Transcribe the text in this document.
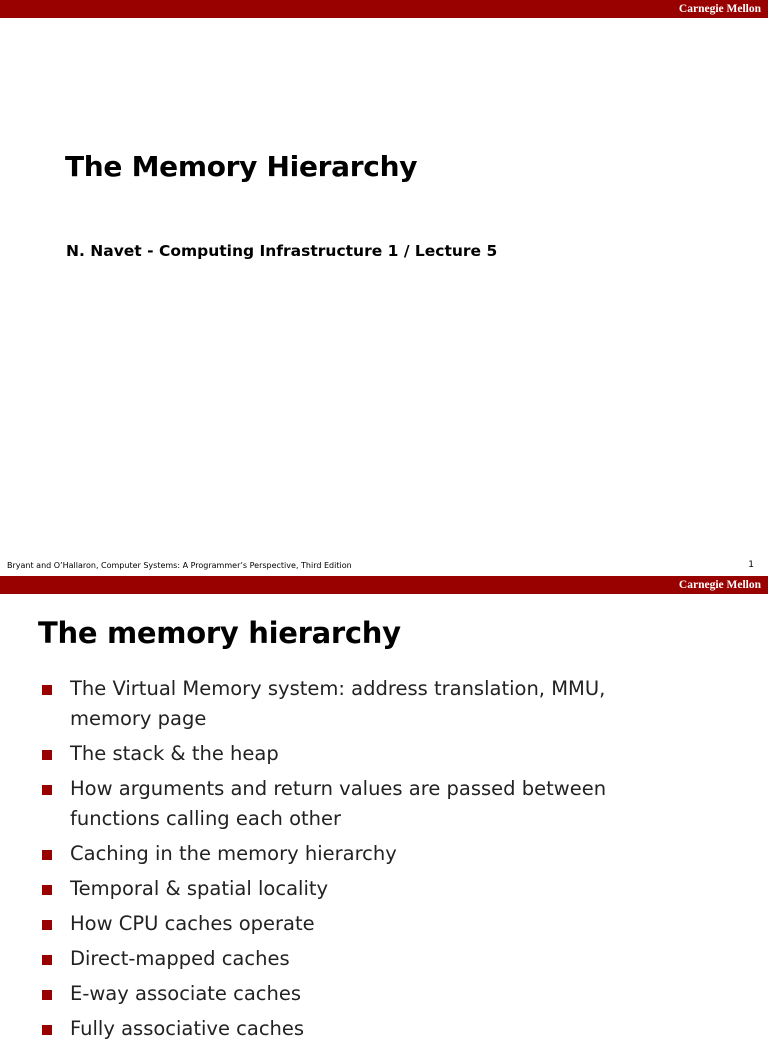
Carnegie Mellon
The Memory Hierarchy
N. Navet - Computing Infrastructure 1 / Lecture 5
Bryant and O’Hallaron, Computer Systems: A Programmer’s Perspective, Third Edition	1
Carnegie Mellon
The memory hierarchy
The Virtual Memory system: address translation, MMU, memory page
The stack & the heap
How arguments and return values are passed between functions calling each other
Caching in the memory hierarchy
Temporal & spatial locality
How CPU caches operate
Direct-mapped caches
E-way associate caches
Fully associative caches
